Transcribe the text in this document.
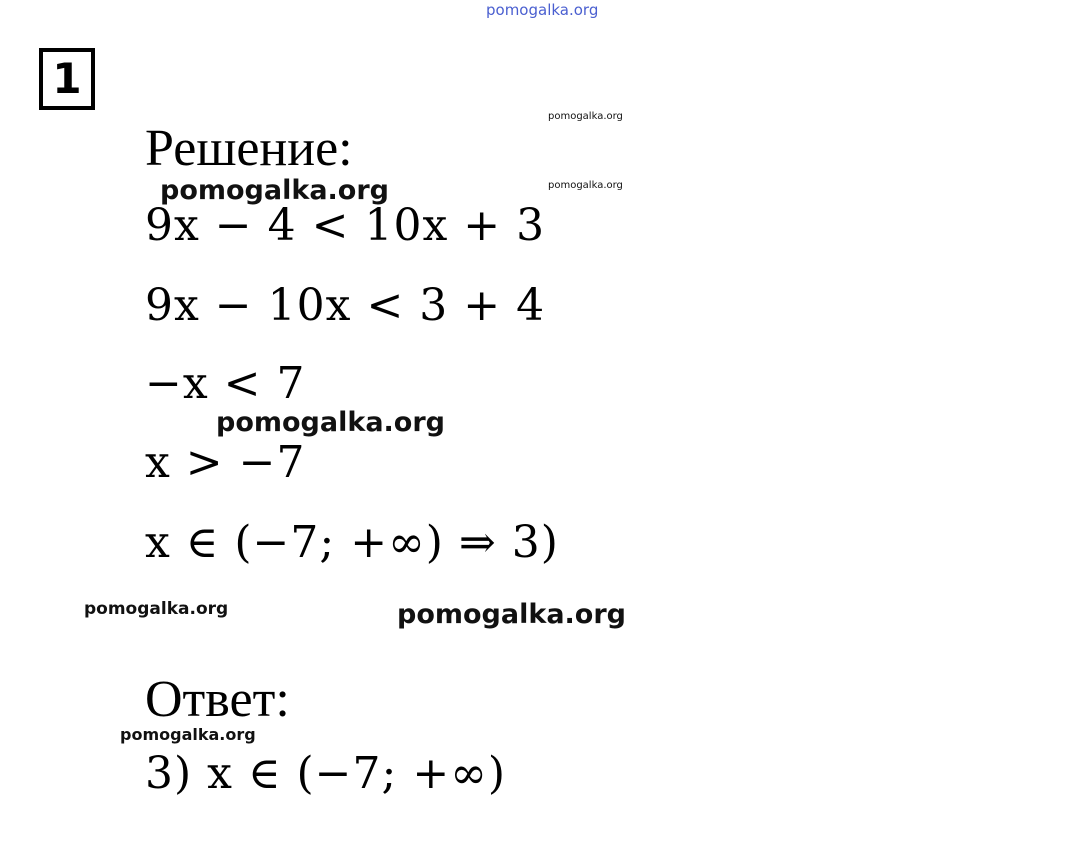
pomogalka.org
1
Решение:
pomogalka.org
pomogalka.org
pomogalka.org
9x − 4 < 10x + 3
9x − 10x < 3 + 4
−x < 7
pomogalka.org
x > −7
x ∈ (−7; +∞) ⇒ 3)
pomogalka.org	pomogalka.org
Ответ:
pomogalka.org
3) x ∈ (−7; +∞)
